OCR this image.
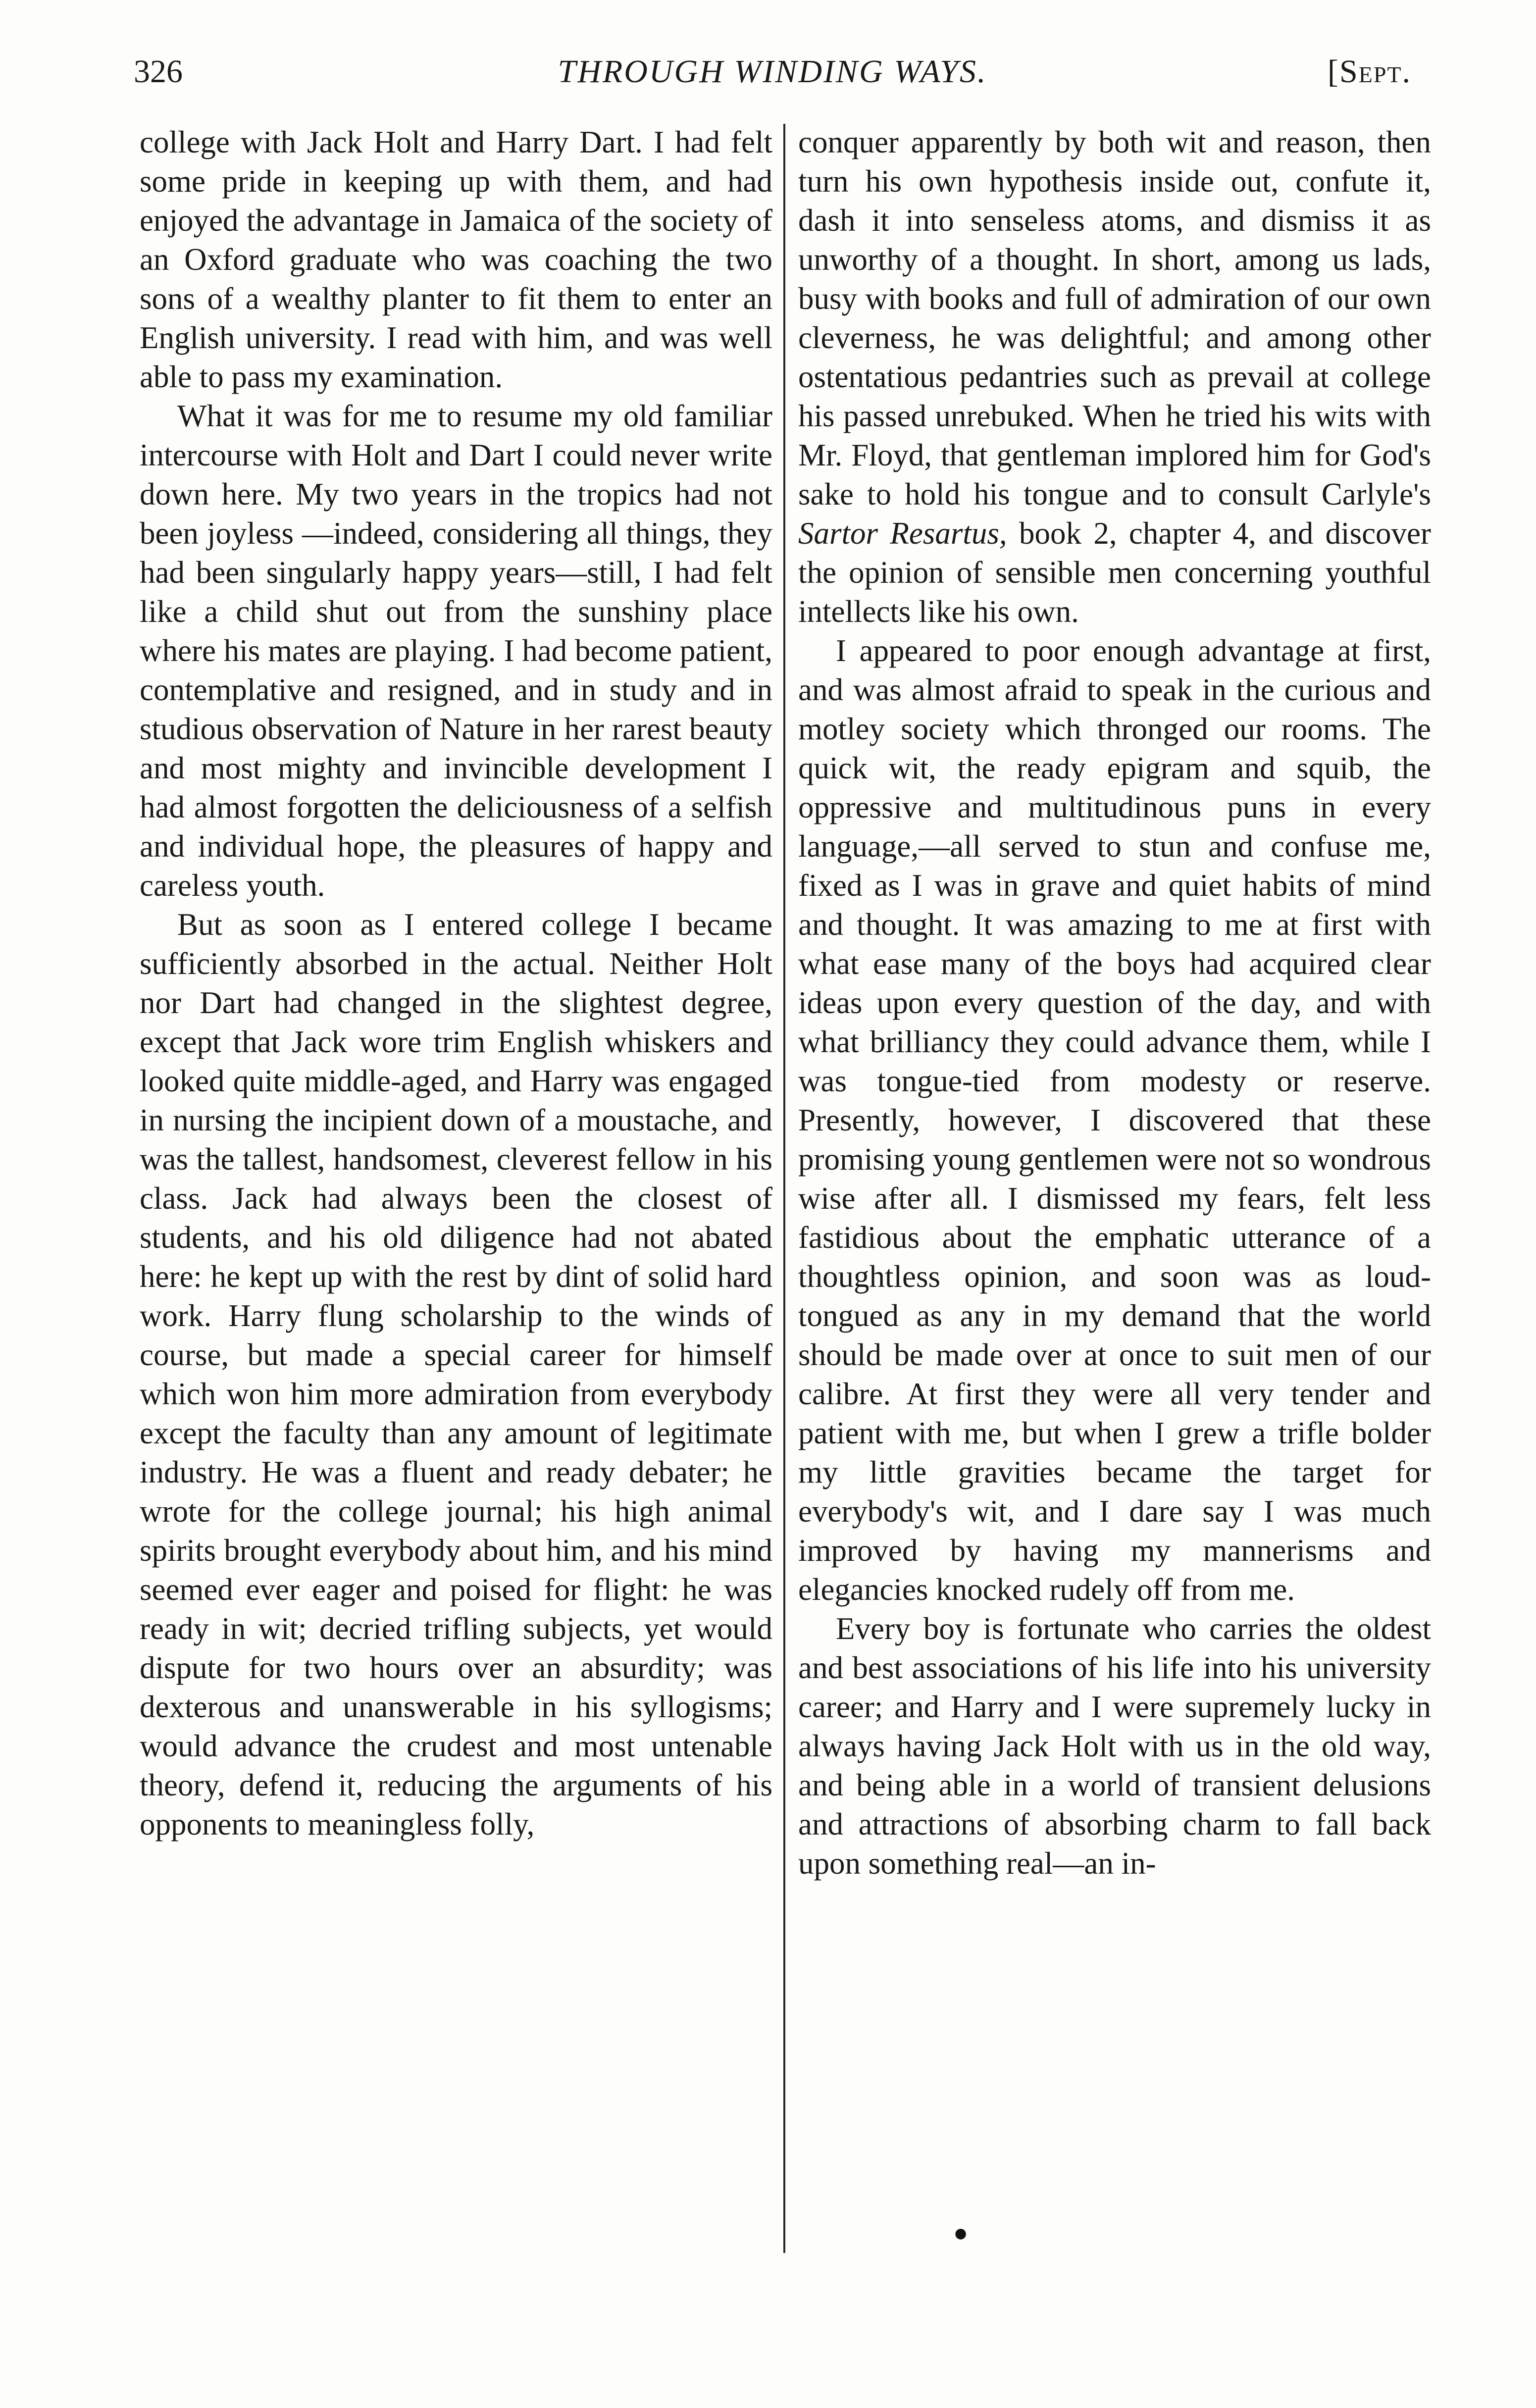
326	THROUGH WINDING WAYS.	[Sept.

college with Jack Holt and Harry Dart. I had felt some pride in keeping up with them, and had enjoyed the advantage in Jamaica of the society of an Oxford graduate who was coaching the two sons of a wealthy planter to fit them to enter an English university. I read with him, and was well able to pass my examination.

What it was for me to resume my old familiar intercourse with Holt and Dart I could never write down here. My two years in the tropics had not been joyless —indeed, considering all things, they had been singularly happy years—still, I had felt like a child shut out from the sunshiny place where his mates are playing. I had become patient, contemplative and resigned, and in study and in studious observation of Nature in her rarest beauty and most mighty and invincible development I had almost forgotten the deliciousness of a selfish and individual hope, the pleasures of happy and careless youth.

But as soon as I entered college I became sufficiently absorbed in the actual. Neither Holt nor Dart had changed in the slightest degree, except that Jack wore trim English whiskers and looked quite middle-aged, and Harry was engaged in nursing the incipient down of a moustache, and was the tallest, handsomest, cleverest fellow in his class. Jack had always been the closest of students, and his old diligence had not abated here: he kept up with the rest by dint of solid hard work. Harry flung scholarship to the winds of course, but made a special career for himself which won him more admiration from everybody except the faculty than any amount of legitimate industry. He was a fluent and ready debater; he wrote for the college journal; his high animal spirits brought everybody about him, and his mind seemed ever eager and poised for flight: he was ready in wit; decried trifling subjects, yet would dispute for two hours over an absurdity; was dexterous and unanswerable in his syllogisms; would advance the crudest and most untenable theory, defend it, reducing the arguments of his opponents to meaningless folly,

conquer apparently by both wit and reason, then turn his own hypothesis inside out, confute it, dash it into senseless atoms, and dismiss it as unworthy of a thought. In short, among us lads, busy with books and full of admiration of our own cleverness, he was delightful; and among other ostentatious pedantries such as prevail at college his passed unrebuked. When he tried his wits with Mr. Floyd, that gentleman implored him for God's sake to hold his tongue and to consult Carlyle's Sartor Resartus, book 2, chapter 4, and discover the opinion of sensible men concerning youthful intellects like his own.

I appeared to poor enough advantage at first, and was almost afraid to speak in the curious and motley society which thronged our rooms. The quick wit, the ready epigram and squib, the oppressive and multitudinous puns in every language,—all served to stun and confuse me, fixed as I was in grave and quiet habits of mind and thought. It was amazing to me at first with what ease many of the boys had acquired clear ideas upon every question of the day, and with what brilliancy they could advance them, while I was tongue-tied from modesty or reserve. Presently, however, I discovered that these promising young gentlemen were not so wondrous wise after all. I dismissed my fears, felt less fastidious about the emphatic utterance of a thoughtless opinion, and soon was as loud-tongued as any in my demand that the world should be made over at once to suit men of our calibre. At first they were all very tender and patient with me, but when I grew a trifle bolder my little gravities became the target for everybody's wit, and I dare say I was much improved by having my mannerisms and elegancies knocked rudely off from me.

Every boy is fortunate who carries the oldest and best associations of his life into his university career; and Harry and I were supremely lucky in always having Jack Holt with us in the old way, and being able in a world of transient delusions and attractions of absorbing charm to fall back upon something real—an in-

●
